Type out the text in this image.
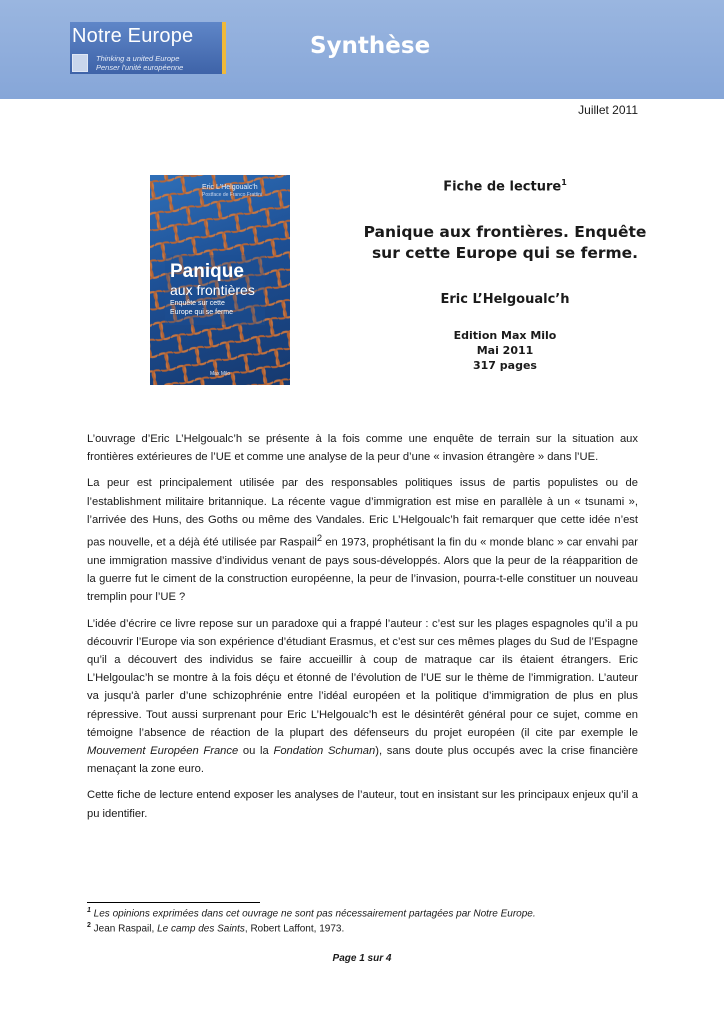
Notre Europe
Thinking a united Europe
Penser l'unité européenne
Synthèse
Juillet 2011
Eric L'Helgoualc'h
Postface de Franco Frattini
Panique
aux frontières
Enquête sur cette Europe qui se ferme
Max Milo
Fiche de lecture$^1$
Panique aux frontières. Enquête
sur cette Europe qui se ferme.
Eric L’Helgoualc’h
Edition Max Milo
Mai 2011
317 pages

L’ouvrage d’Eric L’Helgoualc’h se présente à la fois comme une enquête de terrain sur la situation aux frontières extérieures de l’UE et comme une analyse de la peur d’une « invasion étrangère » dans l’UE.

La peur est principalement utilisée par des responsables politiques issus de partis populistes ou de l’establishment militaire britannique. La récente vague d’immigration est mise en parallèle à un « tsunami », l’arrivée des Huns, des Goths ou même des Vandales. Eric L’Helgoualc’h fait remarquer que cette idée n’est pas nouvelle, et a déjà été utilisée par Raspail$^2$ en 1973, prophétisant la fin du « monde blanc » car envahi par une immigration massive d’individus venant de pays sous-développés. Alors que la peur de la réapparition de la guerre fut le ciment de la construction européenne, la peur de l’invasion, pourra-t-elle constituer un nouveau tremplin pour l’UE ?

L’idée d’écrire ce livre repose sur un paradoxe qui a frappé l’auteur : c’est sur les plages espagnoles qu’il a pu découvrir l’Europe via son expérience d’étudiant Erasmus, et c’est sur ces mêmes plages du Sud de l’Espagne qu’il a découvert des individus se faire accueillir à coup de matraque car ils étaient étrangers. Eric L’Helgoulac’h se montre à la fois déçu et étonné de l’évolution de l’UE sur le thème de l’immigration. L’auteur va jusqu'à parler d’une schizophrénie entre l’idéal européen et la politique d’immigration de plus en plus répressive. Tout aussi surprenant pour Eric L’Helgoualc’h est le désintérêt général pour ce sujet, comme en témoigne l’absence de réaction de la plupart des défenseurs du projet européen (il cite par exemple le Mouvement Européen France ou la Fondation Schuman), sans doute plus occupés avec la crise financière menaçant la zone euro.

Cette fiche de lecture entend exposer les analyses de l’auteur, tout en insistant sur les principaux enjeux qu’il a pu identifier.

$^1$ Les opinions exprimées dans cet ouvrage ne sont pas nécessairement partagées par Notre Europe.
$^2$ Jean Raspail, Le camp des Saints, Robert Laffont, 1973.
Page 1 sur 4
